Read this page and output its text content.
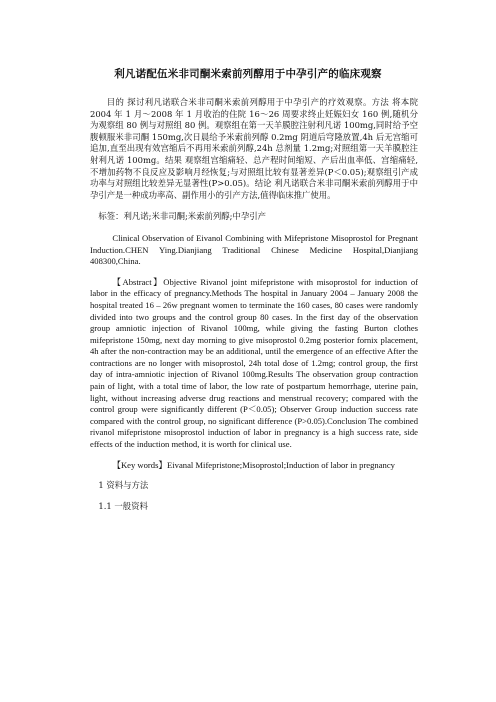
利凡诺配伍米非司酮米索前列醇用于中孕引产的临床观察

目的 探讨利凡诺联合米非司酮米索前列醇用于中孕引产的疗效观察。方法 将本院 2004 年 1 月～2008 年 1 月收治的住院 16～26 周要求终止妊娠妇女 160 例,随机分为观察组 80 例与对照组 80 例。观察组在第一天羊膜腔注射利凡诺 100mg,同时给予空腹顿服米非司酮 150mg,次日晨给予米索前列醇 0.2mg 阴道后穹隆放置,4h 后无宫缩可追加,直至出现有效宫缩后不再用米索前列醇,24h 总剂量 1.2mg;对照组第一天羊膜腔注射利凡诺 100mg。结果 观察组宫缩痛轻、总产程时间缩短、产后出血率低、宫缩痛轻,不增加药物不良反应及影响月经恢复;与对照组比较有显著差异(P＜0.05);观察组引产成功率与对照组比较差异无显著性(P>0.05)。结论 利凡诺联合米非司酮米索前列醇用于中孕引产是一种成功率高、副作用小的引产方法,值得临床推广使用。

标签：利凡诺;米非司酮;米索前列醇;中孕引产

Clinical Observation of Eivanol Combining with Mifepristone Misoprostol for Pregnant Induction.CHEN Ying.Dianjiang Traditional Chinese Medicine Hospital,Dianjiang 408300,China.

【Abstract】Objective Rivanol joint mifepristone with misoprostol for induction of labor in the efficacy of pregnancy.Methods The hospital in January 2004 – January 2008 the hospital treated 16 – 26w pregnant women to terminate the 160 cases, 80 cases were randomly divided into two groups and the control group 80 cases. In the first day of the observation group amniotic injection of Rivanol 100mg, while giving the fasting Burton clothes mifepristone 150mg, next day morning to give misoprostol 0.2mg posterior fornix placement, 4h after the non-contraction may be an additional, until the emergence of an effective After the contractions are no longer with misoprostol, 24h total dose of 1.2mg; control group, the first day of intra-amniotic injection of Rivanol 100mg.Results The observation group contraction pain of light, with a total time of labor, the low rate of postpartum hemorrhage, uterine pain, light, without increasing adverse drug reactions and menstrual recovery; compared with the control group were significantly different (P＜0.05); Observer Group induction success rate compared with the control group, no significant difference (P>0.05).Conclusion The combined rivanol mifepristone misoprostol induction of labor in pregnancy is a high success rate, side effects of the induction method, it is worth for clinical use.

【Key words】Eivanal Mifepristone;Misoprostol;Induction of labor in pregnancy

1 资料与方法

1.1 一般资料
